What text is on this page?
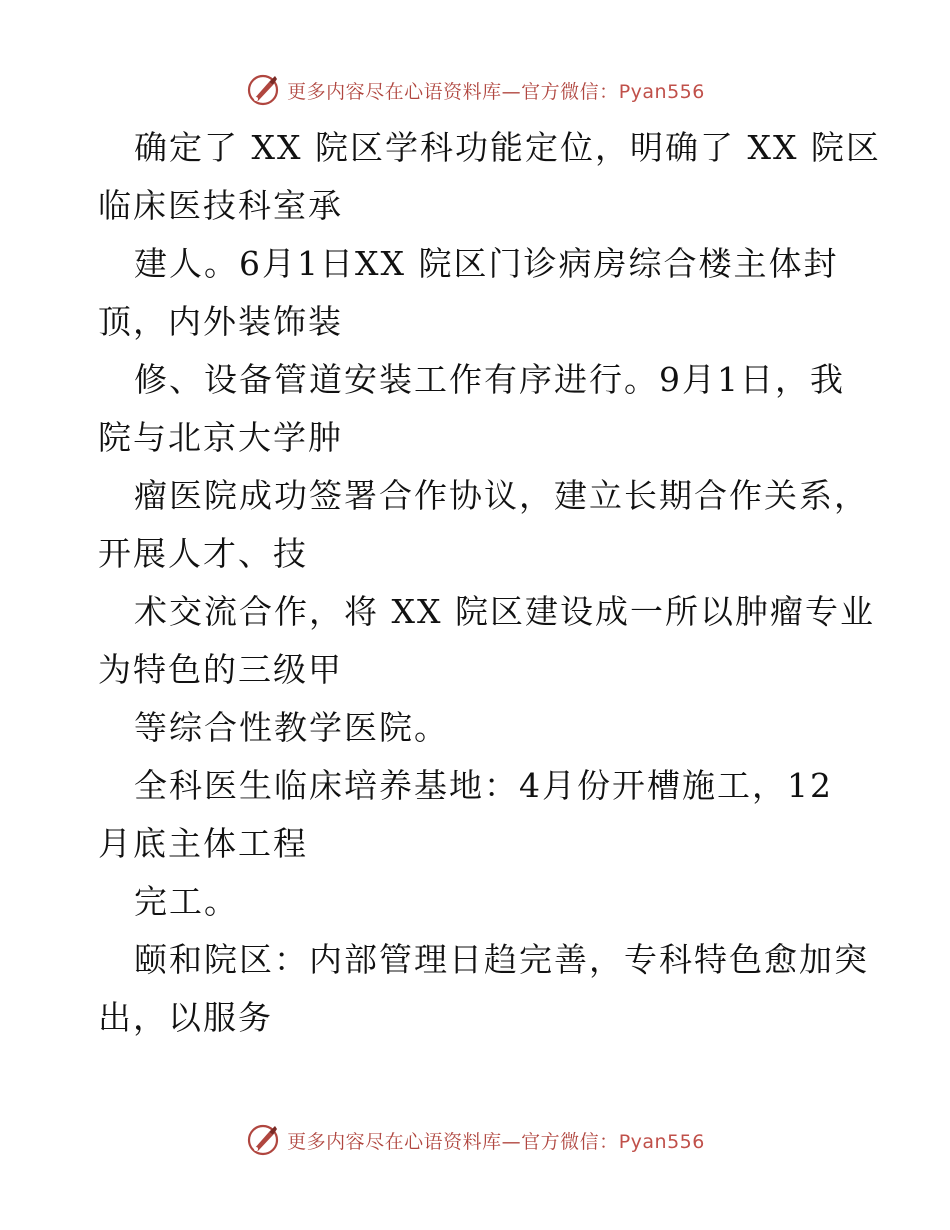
更多内容尽在心语资料库—官方微信：Pyan556

确定了 XX 院区学科功能定位，明确了 XX 院区

临床医技科室承

建人。6月1日XX 院区门诊病房综合楼主体封

顶，内外装饰装

修、设备管道安装工作有序进行。9月1日，我

院与北京大学肿

瘤医院成功签署合作协议，建立长期合作关系，

开展人才、技

术交流合作，将 XX 院区建设成一所以肿瘤专业

为特色的三级甲

等综合性教学医院。

全科医生临床培养基地：4月份开槽施工，12

月底主体工程

完工。

颐和院区：内部管理日趋完善，专科特色愈加突

出，以服务

更多内容尽在心语资料库—官方微信：Pyan556
